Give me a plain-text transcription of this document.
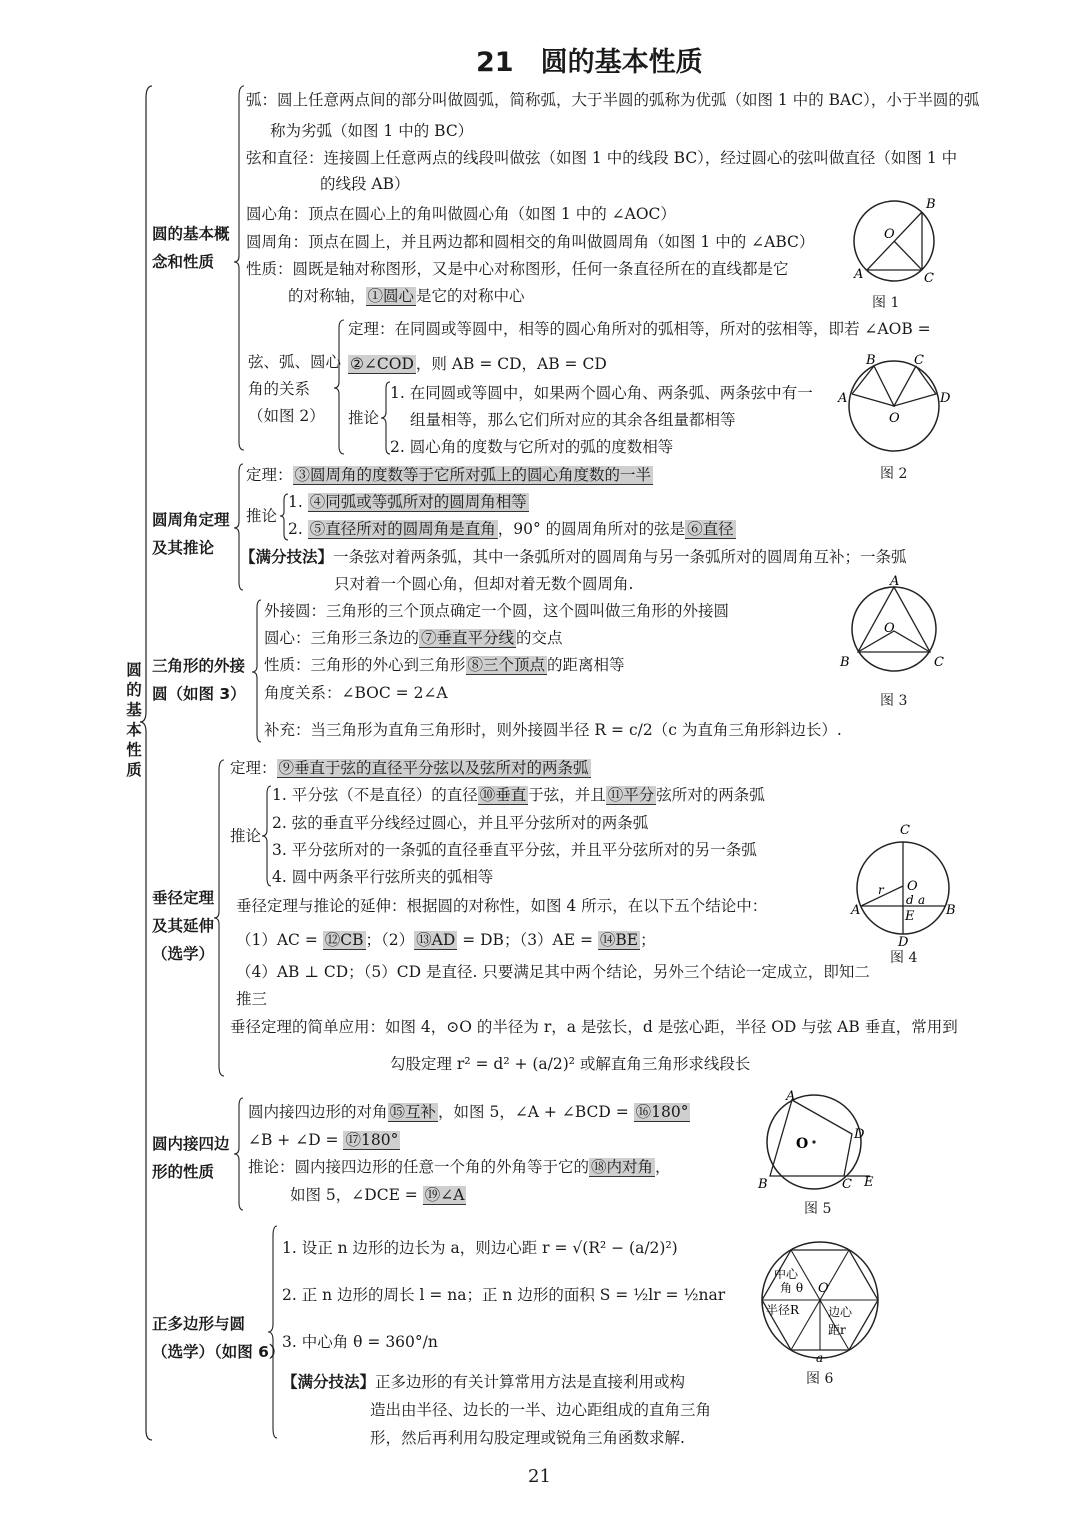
21　圆的基本性质
圆
的
基
本
性
质
圆的基本概
念和性质
弧：圆上任意两点间的部分叫做圆弧，简称弧，大于半圆的弧称为优弧（如图 1 中的 BAC），小于半圆的弧
称为劣弧（如图 1 中的 BC）
弦和直径：连接圆上任意两点的线段叫做弦（如图 1 中的线段 BC），经过圆心的弦叫做直径（如图 1 中
的线段 AB）
圆心角：顶点在圆心上的角叫做圆心角（如图 1 中的 ∠AOC）
圆周角：顶点在圆上，并且两边都和圆相交的角叫做圆周角（如图 1 中的 ∠ABC）
性质：圆既是轴对称图形，又是中心对称图形，任何一条直径所在的直线都是它
的对称轴， ①圆心 是它的对称中心
弦、弧、圆心
角的关系
（如图 2）
定理：在同圆或等圆中，相等的圆心角所对的弧相等，所对的弦相等，即若 ∠AOB =
②∠COD ，则 AB = CD，AB = CD
推论
1. 在同圆或等圆中，如果两个圆心角、两条弧、两条弦中有一
组量相等，那么它们所对应的其余各组量都相等
2. 圆心角的度数与它所对的弧的度数相等
B
O
A	C
图 1
B	C
A	D
O
图 2
圆周角定理
及其推论
定理： ③圆周角的度数等于它所对弧上的圆心角度数的一半
推论
1. ④同弧或等弧所对的圆周角相等
2. ⑤直径所对的圆周角是直角 ，90° 的圆周角所对的弦是 ⑥直径
【满分技法】一条弦对着两条弧，其中一条弧所对的圆周角与另一条弧所对的圆周角互补；一条弧
只对着一个圆心角，但却对着无数个圆周角.
三角形的外接
圆（如图 3）
外接圆：三角形的三个顶点确定一个圆，这个圆叫做三角形的外接圆
圆心：三角形三条边的 ⑦垂直平分线 的交点
性质：三角形的外心到三角形 ⑧三个顶点 的距离相等
角度关系：∠BOC = 2∠A
补充：当三角形为直角三角形时，则外接圆半径 R = c/2（c 为直角三角形斜边长）.
A
O
B	C
图 3
垂径定理
及其延伸
（选学）
定理： ⑨垂直于弦的直径平分弦以及弦所对的两条弧
推论
1. 平分弦（不是直径）的直径 ⑩垂直 于弦，并且 ⑪平分 弦所对的两条弧
2. 弦的垂直平分线经过圆心，并且平分弦所对的两条弧
3. 平分弦所对的一条弧的直径垂直平分弦，并且平分弦所对的另一条弧
4. 圆中两条平行弦所夹的弧相等
垂径定理与推论的延伸：根据圆的对称性，如图 4 所示，在以下五个结论中：
（1）AC = ⑫CB ；（2） ⑬AD = DB；（3）AE = ⑭BE ；
（4）AB ⊥ CD；（5）CD 是直径. 只要满足其中两个结论，另外三个结论一定成立，即知二
推三
垂径定理的简单应用：如图 4，⊙O 的半径为 r，a 是弦长，d 是弦心距，半径 OD 与弦 AB 垂直，常用到
勾股定理 r² = d² + (a/2)² 或解直角三角形求线段长
C
O
r
d a
A	E B
D
图 4
圆内接四边
形的性质
圆内接四边形的对角 ⑮互补 ，如图 5，∠A + ∠BCD = ⑯180°
∠B + ∠D = ⑰180°
推论：圆内接四边形的任意一个角的外角等于它的 ⑱内对角 ，
如图 5，∠DCE = ⑲∠A
A
D
O
B	C E
图 5
正多边形与圆
（选学）（如图 6）
1. 设正 n 边形的边长为 a，则边心距 r = √(R² − (a/2)²)
2. 正 n 边形的周长 l = na；正 n 边形的面积 S = ½lr = ½nar
3. 中心角 θ = 360°/n
【满分技法】正多边形的有关计算常用方法是直接利用或构
造出由半径、边长的一半、边心距组成的直角三角
形，然后再利用勾股定理或锐角三角函数求解.
中心
角 θ O
半径R 边心
距r
a
图 6
21
